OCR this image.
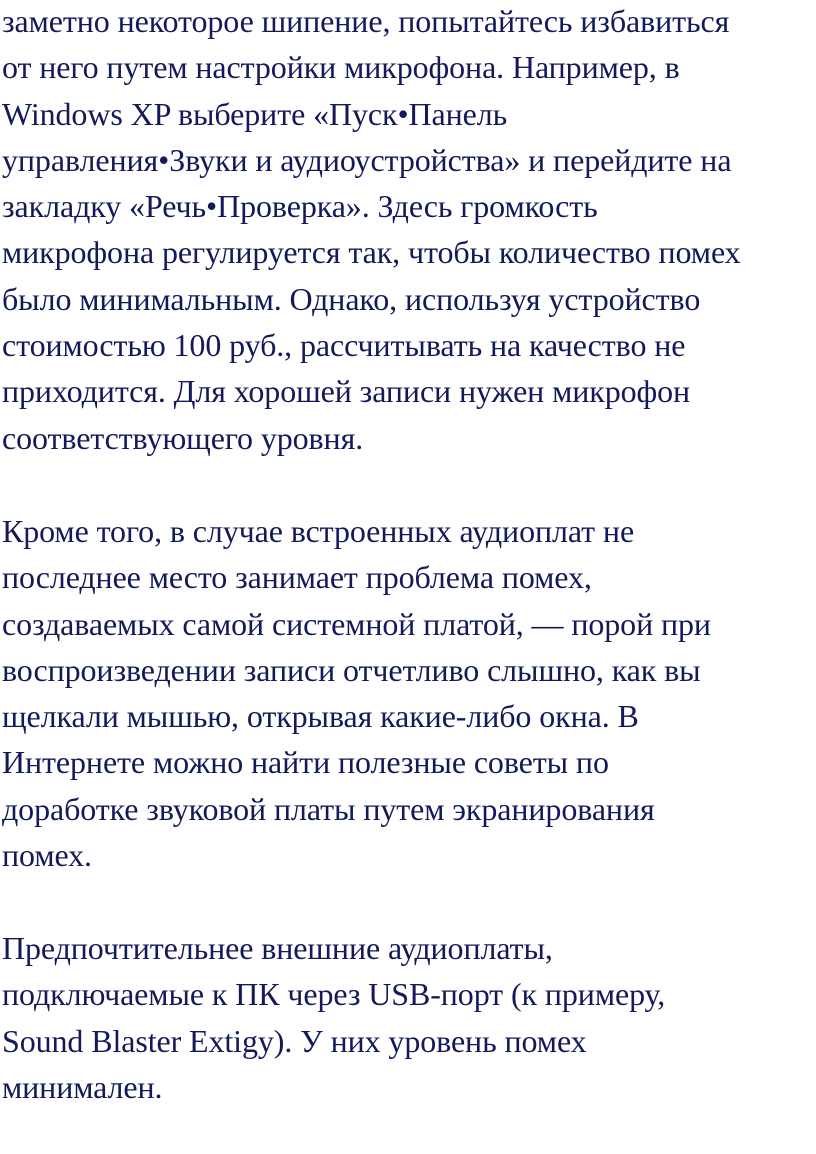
заметно некоторое шипение, попытайтесь избавиться
от него путем настройки микрофона. Например, в
Windows XP выберите «Пуск•Панель
управления•Звуки и аудиоустройства» и перейдите на
закладку «Речь•Проверка». Здесь громкость
микрофона регулируется так, чтобы количество помех
было минимальным. Однако, используя устройство
стоимостью 100 руб., рассчитывать на качество не
приходится. Для хорошей записи нужен микрофон
соответствующего уровня.
Кроме того, в случае встроенных аудиоплат не
последнее место занимает проблема помех,
создаваемых самой системной платой, — порой при
воспроизведении записи отчетливо слышно, как вы
щелкали мышью, открывая какие-либо окна. В
Интернете можно найти полезные советы по
доработке звуковой платы путем экранирования
помех.
Предпочтительнее внешние аудиоплаты,
подключаемые к ПК через USB-порт (к примеру,
Sound Blaster Extigy). У них уровень помех
минимален.
